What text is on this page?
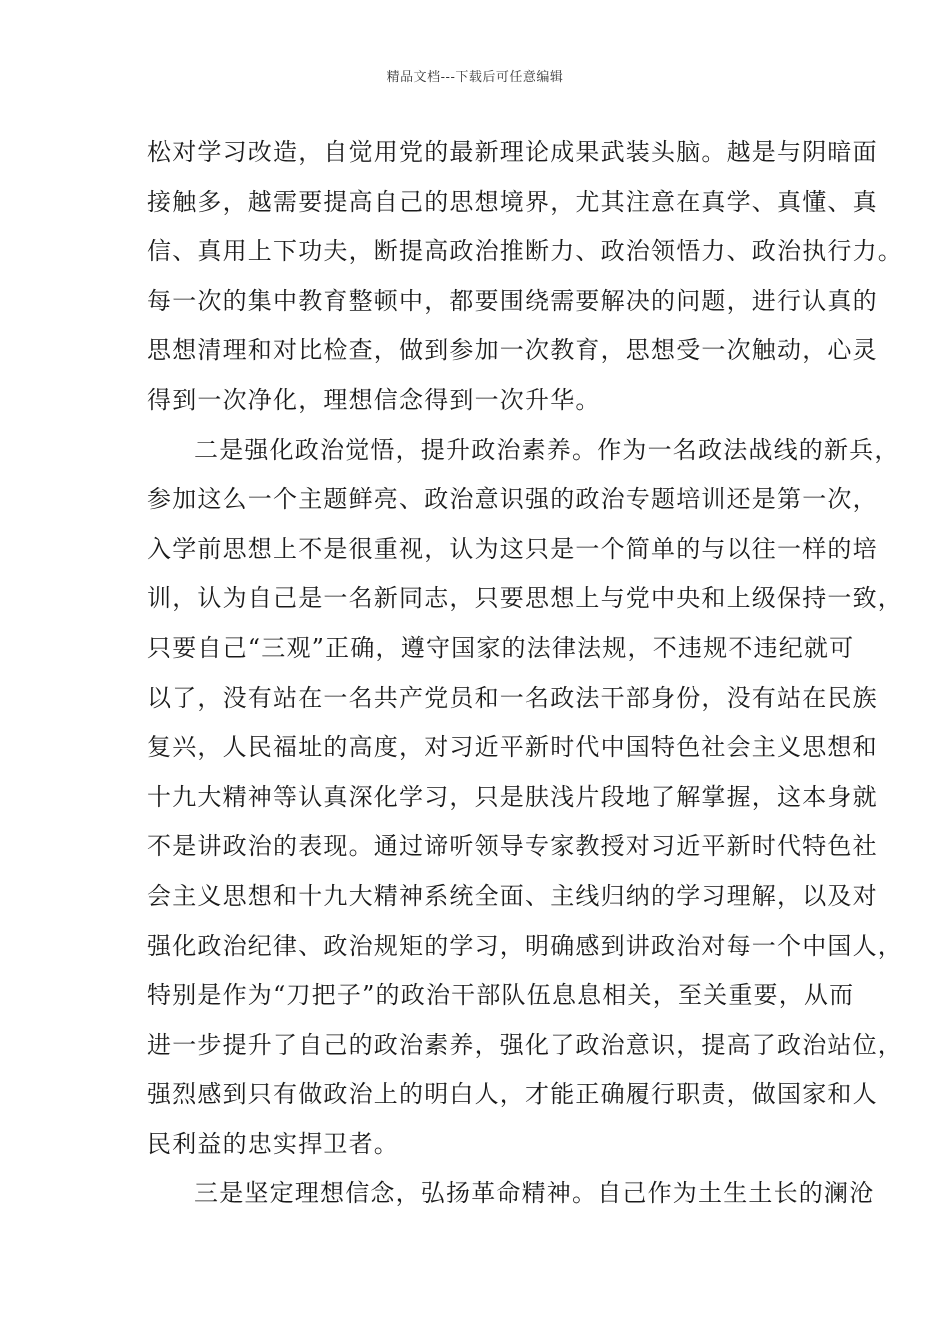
精品文档---下载后可任意编辑
松对学习改造，自觉用党的最新理论成果武装头脑。越是与阴暗面
接触多，越需要提高自己的思想境界，尤其注意在真学、真懂、真
信、真用上下功夫，断提高政治推断力、政治领悟力、政治执行力。
每一次的集中教育整顿中，都要围绕需要解决的问题，进行认真的
思想清理和对比检查，做到参加一次教育，思想受一次触动，心灵
得到一次净化，理想信念得到一次升华。
二是强化政治觉悟，提升政治素养。作为一名政法战线的新兵，
参加这么一个主题鲜亮、政治意识强的政治专题培训还是第一次，
入学前思想上不是很重视，认为这只是一个简单的与以往一样的培
训，认为自己是一名新同志，只要思想上与党中央和上级保持一致，
只要自己“三观”正确，遵守国家的法律法规，不违规不违纪就可
以了，没有站在一名共产党员和一名政法干部身份，没有站在民族
复兴，人民福址的高度，对习近平新时代中国特色社会主义思想和
十九大精神等认真深化学习，只是肤浅片段地了解掌握，这本身就
不是讲政治的表现。通过谛听领导专家教授对习近平新时代特色社
会主义思想和十九大精神系统全面、主线归纳的学习理解，以及对
强化政治纪律、政治规矩的学习，明确感到讲政治对每一个中国人，
特别是作为“刀把子”的政治干部队伍息息相关，至关重要，从而
进一步提升了自己的政治素养，强化了政治意识，提高了政治站位，
强烈感到只有做政治上的明白人，才能正确履行职责，做国家和人
民利益的忠实捍卫者。
三是坚定理想信念，弘扬革命精神。自己作为土生土长的澜沧
